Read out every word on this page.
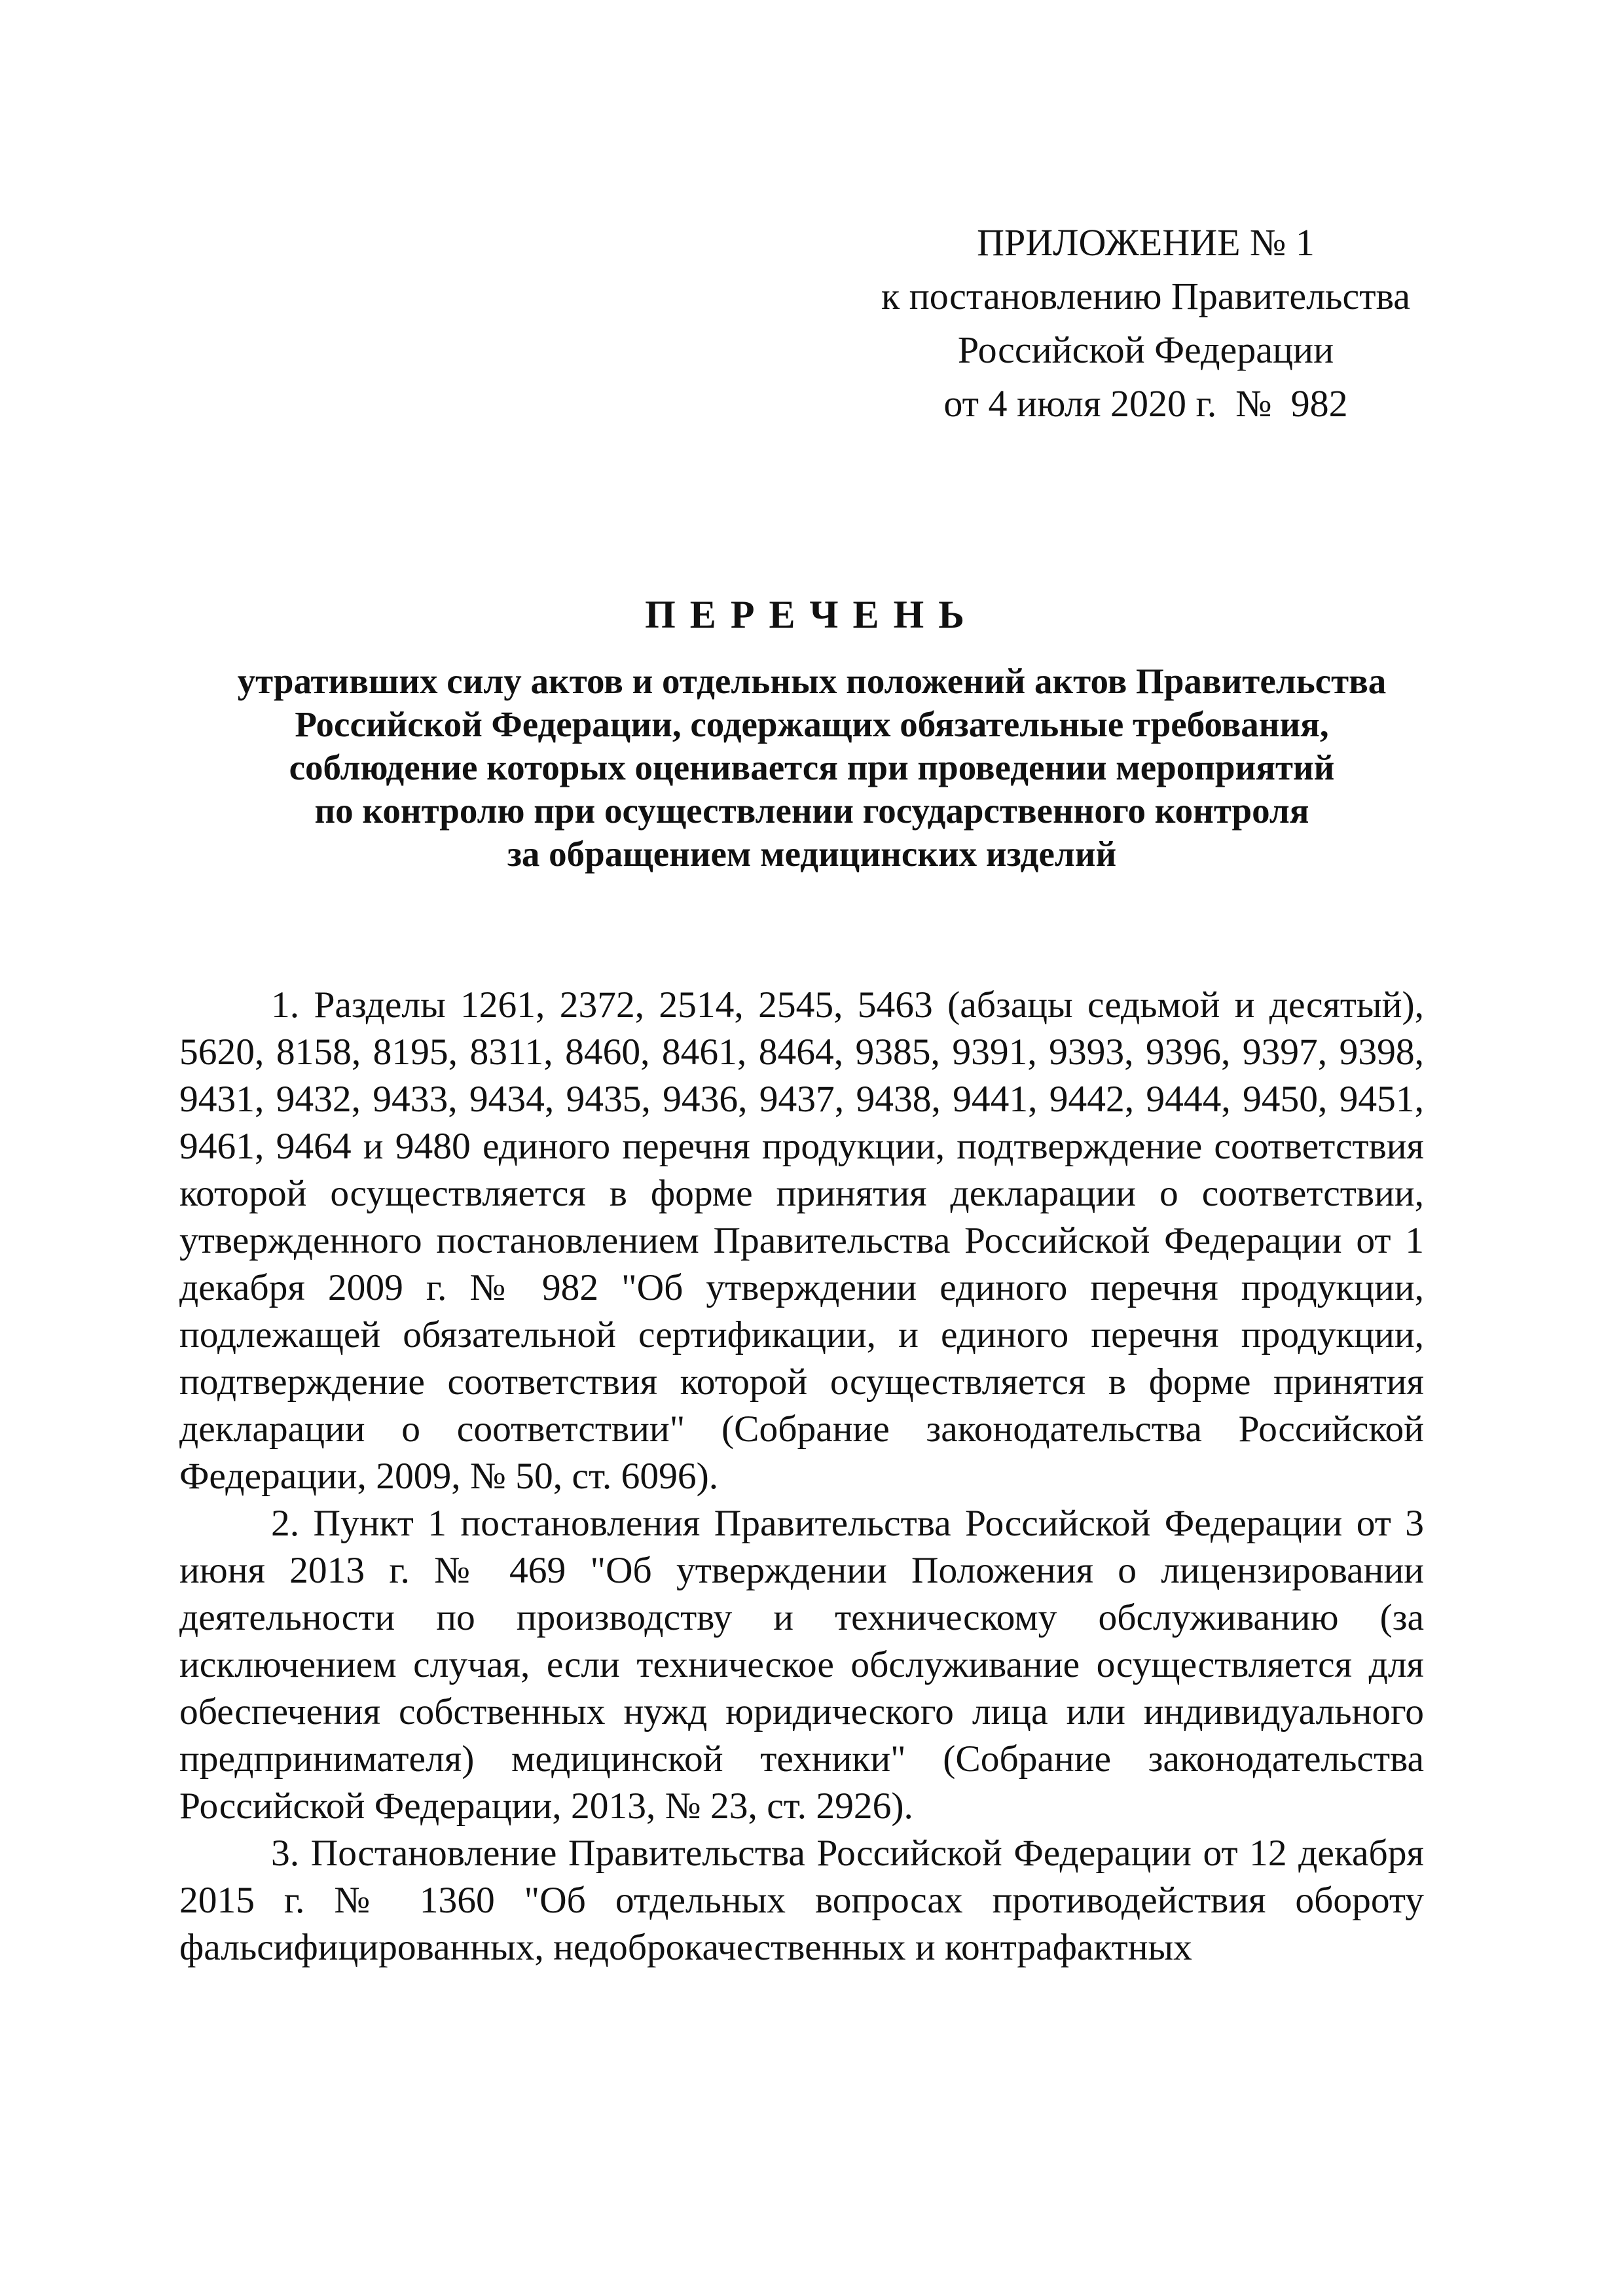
ПРИЛОЖЕНИЕ № 1
к постановлению Правительства
Российской Федерации
от 4 июля 2020 г.  №  982
ПЕРЕЧЕНЬ
утративших силу актов и отдельных положений актов Правительства
Российской Федерации, содержащих обязательные требования,
соблюдение которых оценивается при проведении мероприятий
по контролю при осуществлении государственного контроля
за обращением медицинских изделий

1. Разделы 1261, 2372, 2514, 2545, 5463 (абзацы седьмой и десятый), 5620, 8158, 8195, 8311, 8460, 8461, 8464, 9385, 9391, 9393, 9396, 9397, 9398, 9431, 9432, 9433, 9434, 9435, 9436, 9437, 9438, 9441, 9442, 9444, 9450, 9451, 9461, 9464 и 9480 единого перечня продукции, подтверждение соответствия которой осуществляется в форме принятия декларации о соответствии, утвержденного постановлением Правительства Российской Федерации от 1 декабря 2009 г. № 982 "Об утверждении единого перечня продукции, подлежащей обязательной сертификации, и единого перечня продукции, подтверждение соответствия которой осуществляется в форме принятия декларации о соответствии" (Собрание законодательства Российской Федерации, 2009, № 50, ст. 6096).

2. Пункт 1 постановления Правительства Российской Федерации от 3 июня 2013 г. № 469 "Об утверждении Положения о лицензировании деятельности по производству и техническому обслуживанию (за исключением случая, если техническое обслуживание осуществляется для обеспечения собственных нужд юридического лица или индивидуального предпринимателя) медицинской техники" (Собрание законодательства Российской Федерации, 2013, № 23, ст. 2926).

3. Постановление Правительства Российской Федерации от 12 декабря 2015 г. № 1360 "Об отдельных вопросах противодействия обороту фальсифицированных, недоброкачественных и контрафактных
